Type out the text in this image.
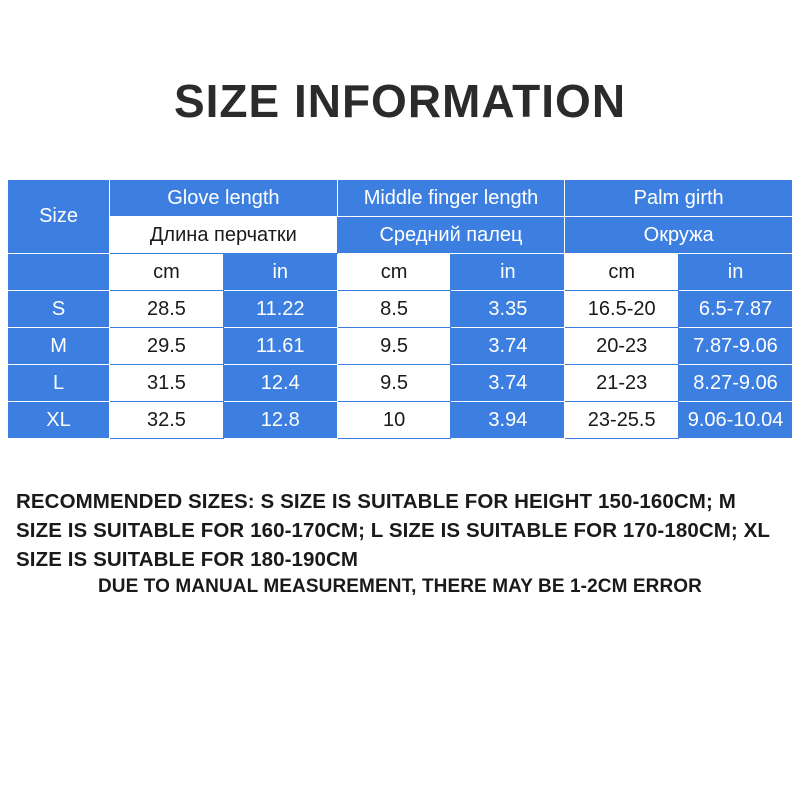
SIZE INFORMATION
Size	Glove length		Middle finger length		Palm girth	
	Длина перчатки		Средний палец		Окружа	
	cm	in	cm	in	cm	in
S	28.5	11.22	8.5	3.35	16.5-20	6.5-7.87
M	29.5	11.61	9.5	3.74	20-23	7.87-9.06
L	31.5	12.4	9.5	3.74	21-23	8.27-9.06
XL	32.5	12.8	10	3.94	23-25.5	9.06-10.04

RECOMMENDED SIZES: S SIZE IS SUITABLE FOR HEIGHT 150-160CM; M SIZE IS SUITABLE FOR 160-170CM; L SIZE IS SUITABLE FOR 170-180CM; XL SIZE IS SUITABLE FOR 180-190CM

DUE TO MANUAL MEASUREMENT, THERE MAY BE 1-2CM ERROR
